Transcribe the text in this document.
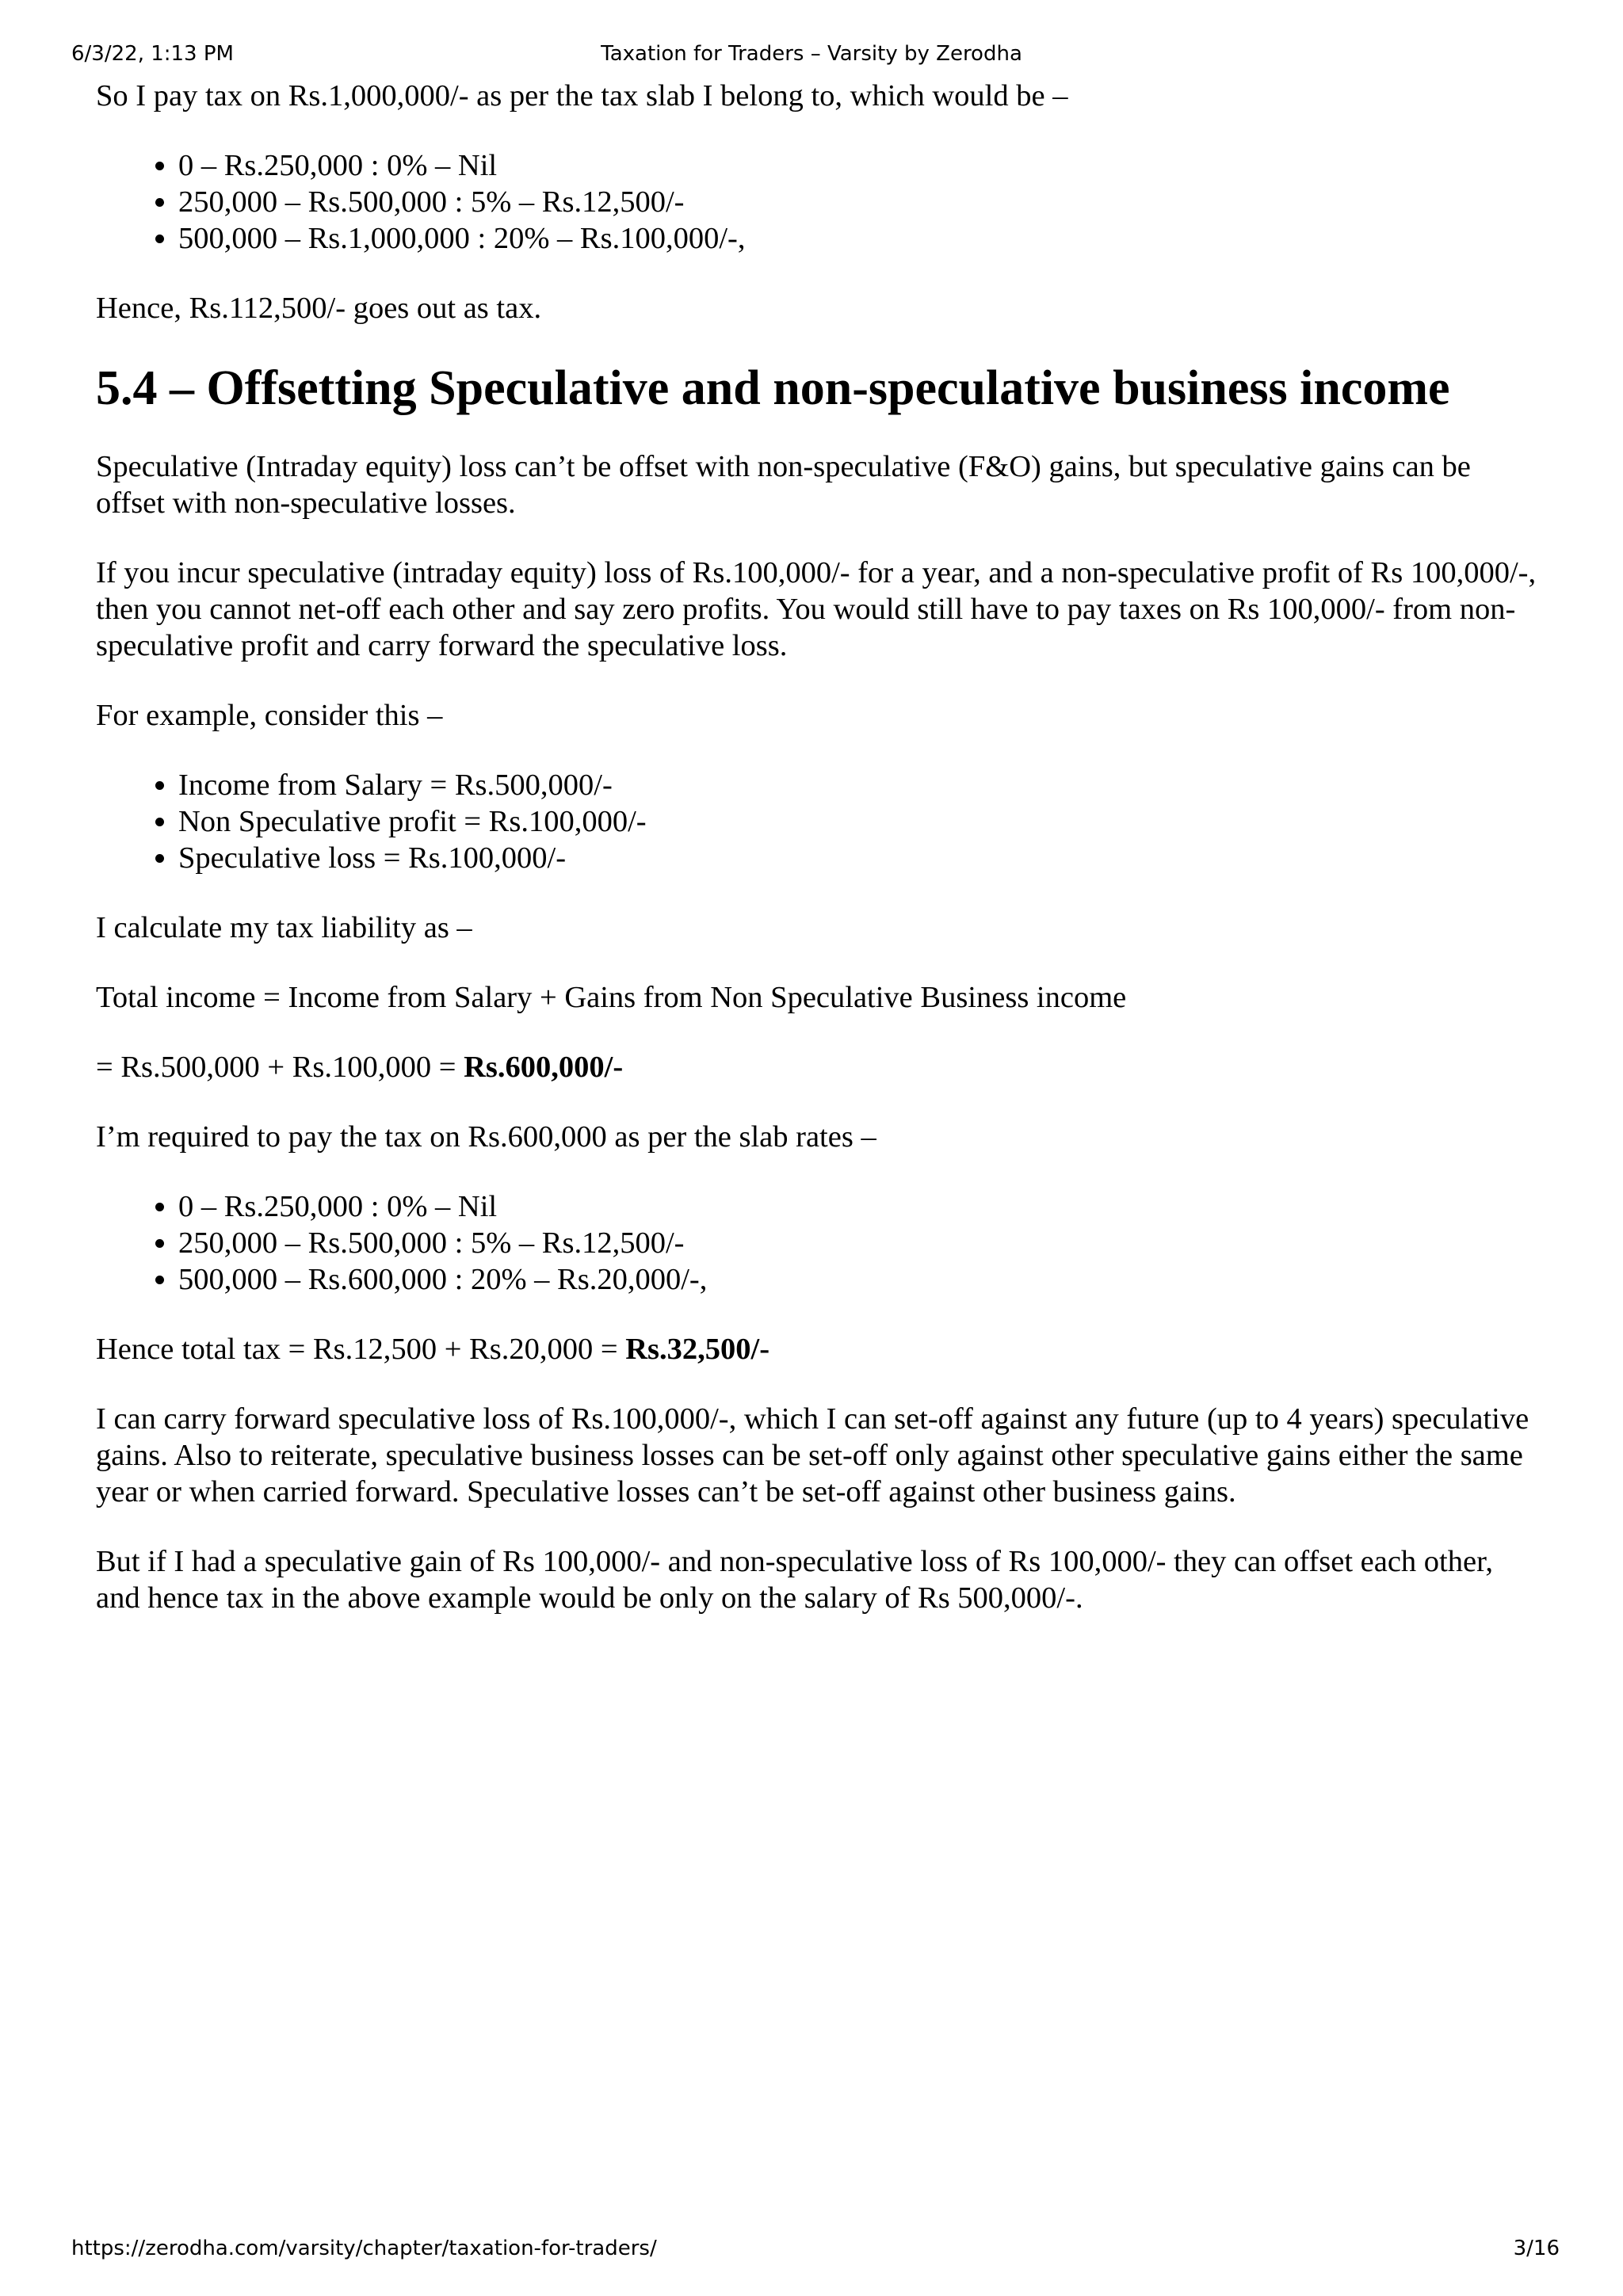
6/3/22, 1:13 PM	Taxation for Traders – Varsity by Zerodha

So I pay tax on Rs.1,000,000/- as per the tax slab I belong to, which would be –

• 0 – Rs.250,000 : 0% – Nil
• 250,000 – Rs.500,000 : 5% – Rs.12,500/-
• 500,000 – Rs.1,000,000 : 20% – Rs.100,000/-,

Hence, Rs.112,500/- goes out as tax.

5.4 – Offsetting Speculative and non-speculative business income

Speculative (Intraday equity) loss can’t be offset with non-speculative (F&O) gains, but speculative gains can be offset with non-speculative losses.

If you incur speculative (intraday equity) loss of Rs.100,000/- for a year, and a non-speculative profit of Rs 100,000/-, then you cannot net-off each other and say zero profits. You would still have to pay taxes on Rs 100,000/- from non-speculative profit and carry forward the speculative loss.

For example, consider this –

• Income from Salary = Rs.500,000/-
• Non Speculative profit = Rs.100,000/-
• Speculative loss = Rs.100,000/-

I calculate my tax liability as –

Total income = Income from Salary + Gains from Non Speculative Business income

= Rs.500,000 + Rs.100,000 = Rs.600,000/-

I’m required to pay the tax on Rs.600,000 as per the slab rates –

• 0 – Rs.250,000 : 0% – Nil
• 250,000 – Rs.500,000 : 5% – Rs.12,500/-
• 500,000 – Rs.600,000 : 20% – Rs.20,000/-,

Hence total tax = Rs.12,500 + Rs.20,000 = Rs.32,500/-

I can carry forward speculative loss of Rs.100,000/-, which I can set-off against any future (up to 4 years) speculative gains. Also to reiterate, speculative business losses can be set-off only against other speculative gains either the same year or when carried forward. Speculative losses can’t be set-off against other business gains.

But if I had a speculative gain of Rs 100,000/- and non-speculative loss of Rs 100,000/- they can offset each other, and hence tax in the above example would be only on the salary of Rs 500,000/-.

https://zerodha.com/varsity/chapter/taxation-for-traders/	3/16
